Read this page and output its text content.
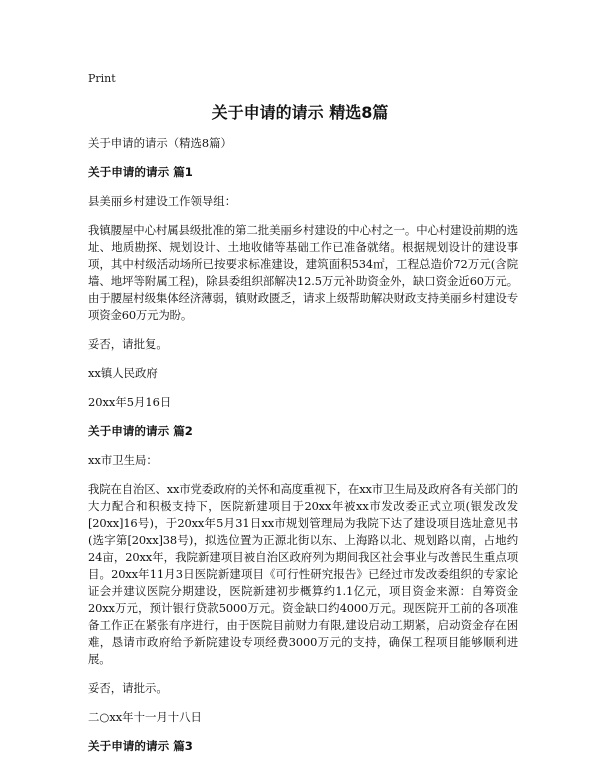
Print
关于申请的请示 精选8篇

关于申请的请示（精选8篇）

关于申请的请示 篇1

县美丽乡村建设工作领导组：

我镇腰屋中心村属县级批准的第二批美丽乡村建设的中心村之一。中心村建设前期的选址、地质勘探、规划设计、土地收储等基础工作已准备就绪。根据规划设计的建设事项，其中村级活动场所已按要求标准建设，建筑面积534㎡，工程总造价72万元(含院墙、地坪等附属工程)，除县委组织部解决12.5万元补助资金外，缺口资金近60万元。由于腰屋村级集体经济薄弱，镇财政匮乏，请求上级帮助解决财政支持美丽乡村建设专项资金60万元为盼。

妥否，请批复。

xx镇人民政府

20xx年5月16日

关于申请的请示 篇2

xx市卫生局：

我院在自治区、xx市党委政府的关怀和高度重视下，在xx市卫生局及政府各有关部门的大力配合和积极支持下，医院新建项目于20xx年被xx市发改委正式立项(银发改发[20xx]16号)，于20xx年5月31日xx市规划管理局为我院下达了建设项目选址意见书(选字第[20xx]38号)，拟选位置为正源北街以东、上海路以北、规划路以南，占地约24亩，20xx年，我院新建项目被自治区政府列为期间我区社会事业与改善民生重点项目。20xx年11月3日医院新建项目《可行性研究报告》已经过市发改委组织的专家论证会并建议医院分期建设，医院新建初步概算约1.1亿元，项目资金来源：自筹资金20xx万元，预计银行贷款5000万元。资金缺口约4000万元。现医院开工前的各项准备工作正在紧张有序进行，由于医院目前财力有限,建设启动工期紧，启动资金存在困难，恳请市政府给予新院建设专项经费3000万元的支持，确保工程项目能够顺利进展。

妥否，请批示。

二○xx年十一月十八日

关于申请的请示 篇3
